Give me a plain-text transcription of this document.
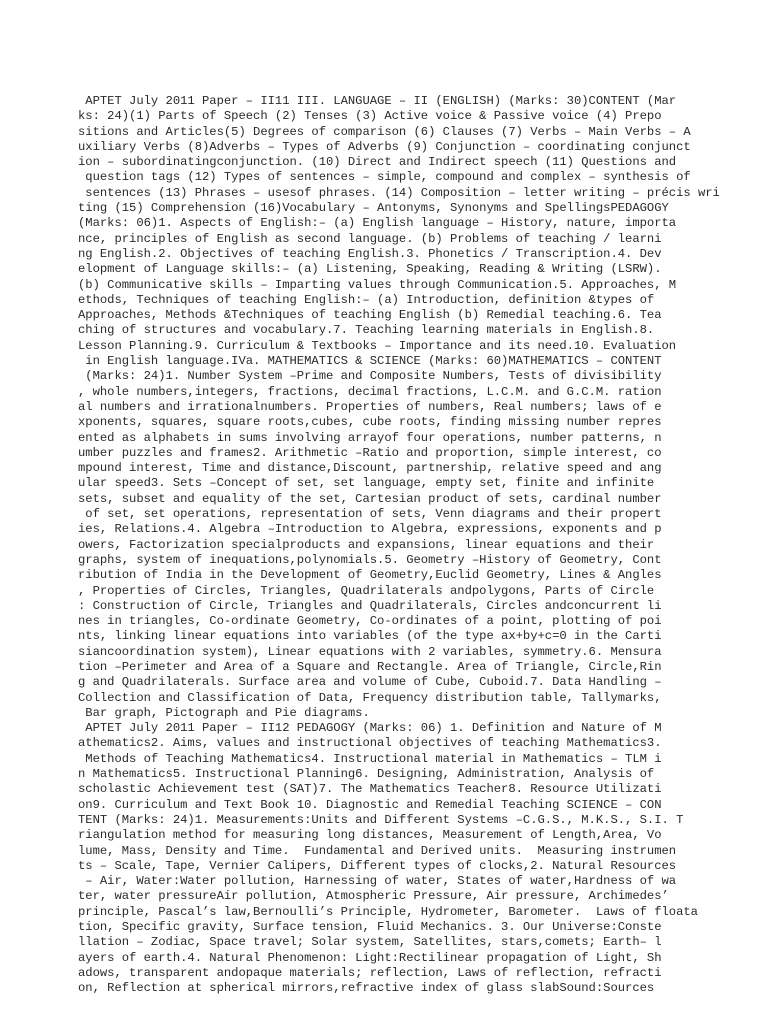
APTET July 2011 Paper – II11 III. LANGUAGE – II (ENGLISH) (Marks: 30)CONTENT (Mar
ks: 24)(1) Parts of Speech (2) Tenses (3) Active voice & Passive voice (4) Prepo
sitions and Articles(5) Degrees of comparison (6) Clauses (7) Verbs – Main Verbs – A
uxiliary Verbs (8)Adverbs – Types of Adverbs (9) Conjunction – coordinating conjunct
ion – subordinatingconjunction. (10) Direct and Indirect speech (11) Questions and
question tags (12) Types of sentences – simple, compound and complex – synthesis of
sentences (13) Phrases – usesof phrases. (14) Composition – letter writing – précis wri
ting (15) Comprehension (16)Vocabulary – Antonyms, Synonyms and SpellingsPEDAGOGY
(Marks: 06)1. Aspects of English:– (a) English language – History, nature, importa
nce, principles of English as second language. (b) Problems of teaching / learni
ng English.2. Objectives of teaching English.3. Phonetics / Transcription.4. Dev
elopment of Language skills:– (a) Listening, Speaking, Reading & Writing (LSRW).
(b) Communicative skills – Imparting values through Communication.5. Approaches, M
ethods, Techniques of teaching English:– (a) Introduction, definition &types of
Approaches, Methods &Techniques of teaching English (b) Remedial teaching.6. Tea
ching of structures and vocabulary.7. Teaching learning materials in English.8.
Lesson Planning.9. Curriculum & Textbooks – Importance and its need.10. Evaluation
in English language.IVa. MATHEMATICS & SCIENCE (Marks: 60)MATHEMATICS – CONTENT
(Marks: 24)1. Number System –Prime and Composite Numbers, Tests of divisibility
, whole numbers,integers, fractions, decimal fractions, L.C.M. and G.C.M. ration
al numbers and irrationalnumbers. Properties of numbers, Real numbers; laws of e
xponents, squares, square roots,cubes, cube roots, finding missing number repres
ented as alphabets in sums involving arrayof four operations, number patterns, n
umber puzzles and frames2. Arithmetic –Ratio and proportion, simple interest, co
mpound interest, Time and distance,Discount, partnership, relative speed and ang
ular speed3. Sets –Concept of set, set language, empty set, finite and infinite
sets, subset and equality of the set, Cartesian product of sets, cardinal number
of set, set operations, representation of sets, Venn diagrams and their propert
ies, Relations.4. Algebra –Introduction to Algebra, expressions, exponents and p
owers, Factorization specialproducts and expansions, linear equations and their
graphs, system of inequations,polynomials.5. Geometry –History of Geometry, Cont
ribution of India in the Development of Geometry,Euclid Geometry, Lines & Angles
, Properties of Circles, Triangles, Quadrilaterals andpolygons, Parts of Circle
: Construction of Circle, Triangles and Quadrilaterals, Circles andconcurrent li
nes in triangles, Co-ordinate Geometry, Co-ordinates of a point, plotting of poi
nts, linking linear equations into variables (of the type ax+by+c=0 in the Carti
siancoordination system), Linear equations with 2 variables, symmetry.6. Mensura
tion –Perimeter and Area of a Square and Rectangle. Area of Triangle, Circle,Rin
g and Quadrilaterals. Surface area and volume of Cube, Cuboid.7. Data Handling –
Collection and Classification of Data, Frequency distribution table, Tallymarks,
Bar graph, Pictograph and Pie diagrams.
APTET July 2011 Paper – II12 PEDAGOGY (Marks: 06) 1. Definition and Nature of M
athematics2. Aims, values and instructional objectives of teaching Mathematics3.
Methods of Teaching Mathematics4. Instructional material in Mathematics – TLM i
n Mathematics5. Instructional Planning6. Designing, Administration, Analysis of
scholastic Achievement test (SAT)7. The Mathematics Teacher8. Resource Utilizati
on9. Curriculum and Text Book 10. Diagnostic and Remedial Teaching SCIENCE – CON
TENT (Marks: 24)1. Measurements:Units and Different Systems –C.G.S., M.K.S., S.I. T
riangulation method for measuring long distances, Measurement of Length,Area, Vo
lume, Mass, Density and Time.  Fundamental and Derived units.  Measuring instrumen
ts – Scale, Tape, Vernier Calipers, Different types of clocks,2. Natural Resources
– Air, Water:Water pollution, Harnessing of water, States of water,Hardness of wa
ter, water pressureAir pollution, Atmospheric Pressure, Air pressure, Archimedes’
principle, Pascal’s law,Bernoulli’s Principle, Hydrometer, Barometer.  Laws of floata
tion, Specific gravity, Surface tension, Fluid Mechanics. 3. Our Universe:Conste
llation – Zodiac, Space travel; Solar system, Satellites, stars,comets; Earth– l
ayers of earth.4. Natural Phenomenon: Light:Rectilinear propagation of Light, Sh
adows, transparent andopaque materials; reflection, Laws of reflection, refracti
on, Reflection at spherical mirrors,refractive index of glass slabSound:Sources
